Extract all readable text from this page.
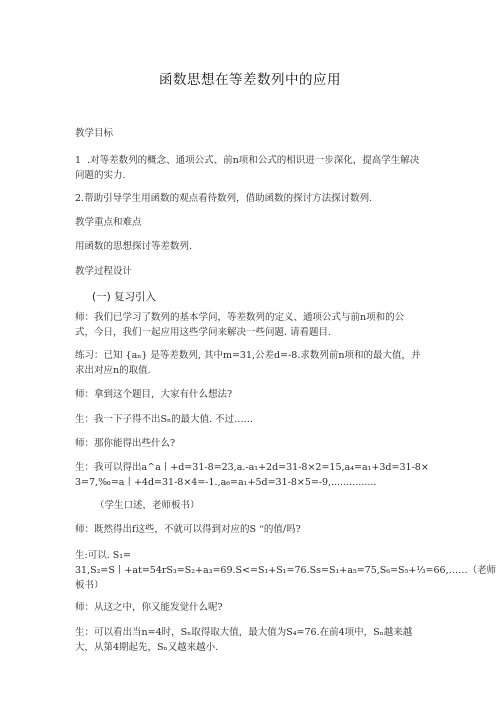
函数思想在等差数列中的应用
教学目标
1  .对等差数列的概念、通项公式、前n项和公式的相识进一步深化，提高学生解决
问题的实力.
2.帮助引导学生用函数的观点看待数列，借助函数的探讨方法探讨数列.
教学重点和难点
用函数的思想探讨等差数列.
教学过程设计
(一) 复习引入
师：我们已学习了数列的基本学问，等差数列的定义、通项公式与前n项和的公
式，今日，我们一起应用这些学问来解决一些问题. 请看题目.
练习：已知 {aₙ} 是等差数列, 其中m=31,公差d=-8.求数列前n项和的最大值，并
求出对应n的取值.
师：拿到这个题目，大家有什么想法?
生：我一下子得不出Sₙ的最大值. 不过……
师：那你能得出些什么?
生：我可以得出a^a丨+d=31-8=23,a.-a₁+2d=31-8×2=15,a₄=a₁+3d=31-8×
3=7,‰=a丨+4d=31-8×4=-1.,a₆=a₁+5d=31-8×5=-9,...............
（学生口述，老师板书）
师：既然得出f这些，不就可以得到对应的S “的值/吗?
生:可以. S₁=
31,S₂=S丨+at=54rS₃=S₂+a₃=69.S<=S₁+S₁=76.Ss=S₁+a₅=75,S₆=S₅+⅓=66,……（老师
板书）
师：从这之中，你又能发觉什么呢?
生：可以看出当n=4时，Sₙ取得取大值，最大值为S₄=76.在前4项中，Sₙ越来越
大，从第4期起先，Sₙ又越来越小.
